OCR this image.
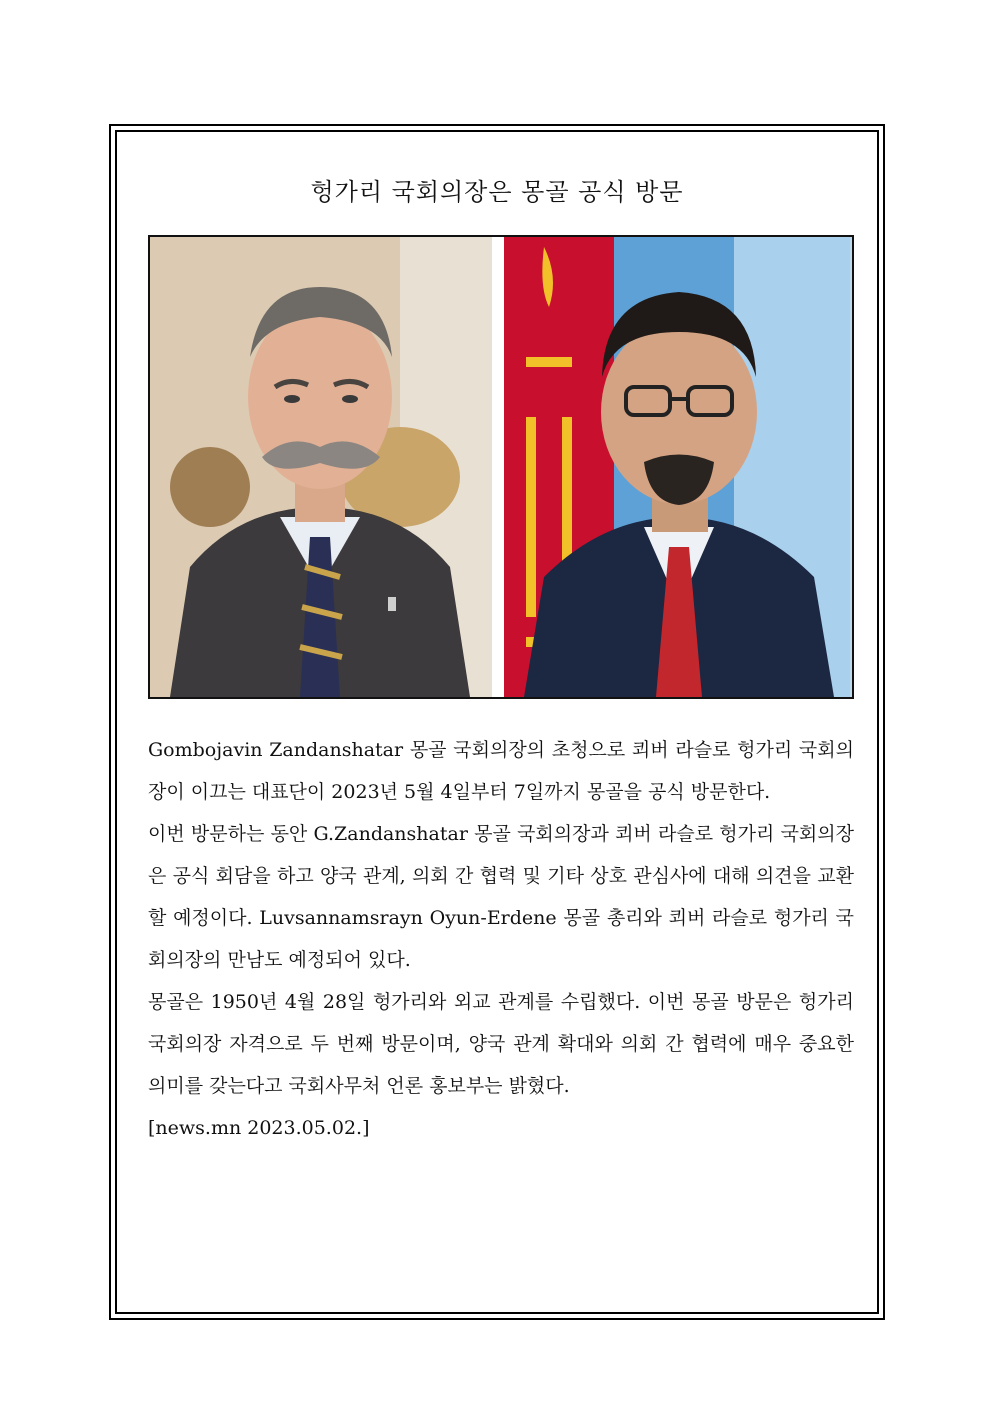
헝가리 국회의장은 몽골 공식 방문

Gombojavin Zandanshatar 몽골 국회의장의 초청으로 쾨버 라슬로 헝가리 국회의장이 이끄는 대표단이 2023년 5월 4일부터 7일까지 몽골을 공식 방문한다.

이번 방문하는 동안 G.Zandanshatar 몽골 국회의장과 쾨버 라슬로 헝가리 국회의장은 공식 회담을 하고 양국 관계, 의회 간 협력 및 기타 상호 관심사에 대해 의견을 교환할 예정이다. Luvsannamsrayn Oyun-Erdene 몽골 총리와 쾨버 라슬로 헝가리 국회의장의 만남도 예정되어 있다.

몽골은 1950년 4월 28일 헝가리와 외교 관계를 수립했다. 이번 몽골 방문은 헝가리 국회의장 자격으로 두 번째 방문이며, 양국 관계 확대와 의회 간 협력에 매우 중요한 의미를 갖는다고 국회사무처 언론 홍보부는 밝혔다.

[news.mn 2023.05.02.]
